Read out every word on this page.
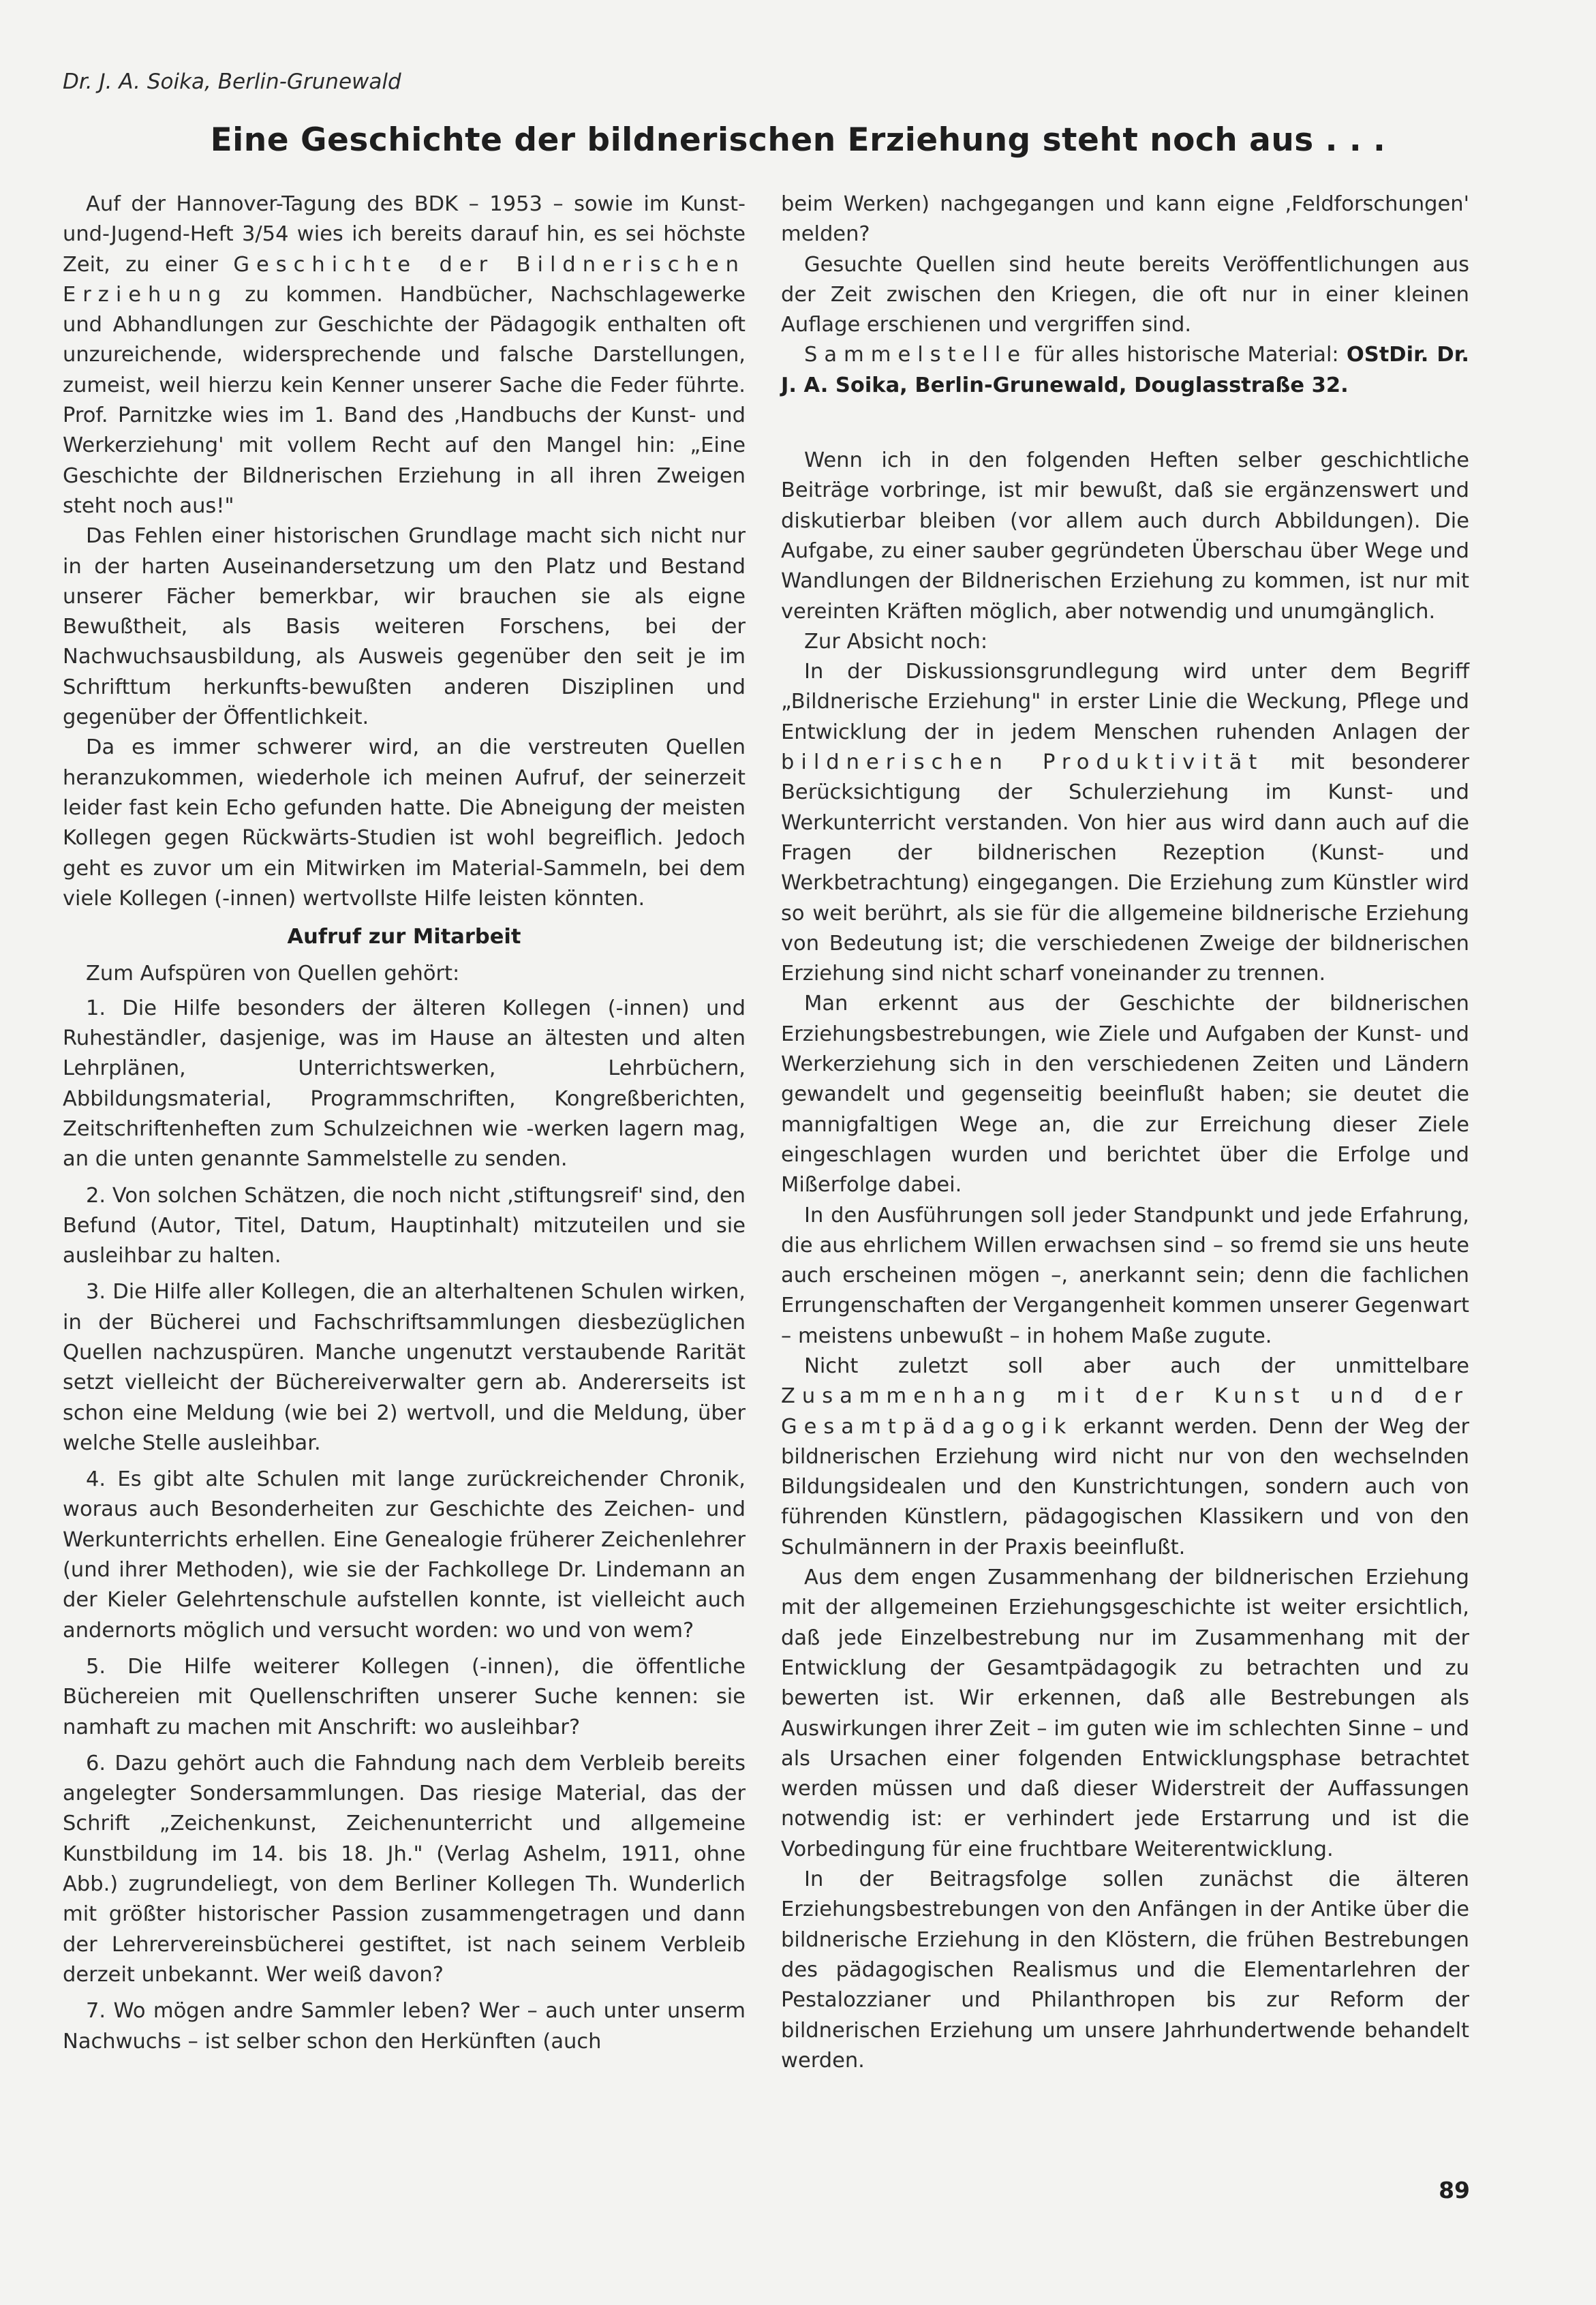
Dr. J. A. Soika, Berlin-Grunewald
Eine Geschichte der bildnerischen Erziehung steht noch aus . . .

Auf der Hannover-Tagung des BDK – 1953 – sowie im Kunst-und-Jugend-Heft 3/54 wies ich bereits darauf hin, es sei höchste Zeit, zu einer Geschichte der Bildnerischen Erziehung zu kommen. Handbücher, Nachschlagewerke und Abhandlungen zur Geschichte der Pädagogik enthalten oft unzureichende, widersprechende und falsche Darstellungen, zumeist, weil hierzu kein Kenner unserer Sache die Feder führte. Prof. Parnitzke wies im 1. Band des ‚Handbuchs der Kunst- und Werkerziehung' mit vollem Recht auf den Mangel hin: „Eine Geschichte der Bildnerischen Erziehung in all ihren Zweigen steht noch aus!"

Das Fehlen einer historischen Grundlage macht sich nicht nur in der harten Auseinandersetzung um den Platz und Bestand unserer Fächer bemerkbar, wir brauchen sie als eigne Bewußtheit, als Basis weiteren Forschens, bei der Nachwuchsausbildung, als Ausweis gegenüber den seit je im Schrifttum herkunfts-bewußten anderen Disziplinen und gegenüber der Öffentlichkeit.

Da es immer schwerer wird, an die verstreuten Quellen heranzukommen, wiederhole ich meinen Aufruf, der seinerzeit leider fast kein Echo gefunden hatte. Die Abneigung der meisten Kollegen gegen Rückwärts-Studien ist wohl begreiflich. Jedoch geht es zuvor um ein Mitwirken im Material-Sammeln, bei dem viele Kollegen (-innen) wertvollste Hilfe leisten könnten.

Aufruf zur Mitarbeit

Zum Aufspüren von Quellen gehört:

1. Die Hilfe besonders der älteren Kollegen (-innen) und Ruheständler, dasjenige, was im Hause an ältesten und alten Lehrplänen, Unterrichtswerken, Lehrbüchern, Abbildungsmaterial, Programmschriften, Kongreßberichten, Zeitschriftenheften zum Schulzeichnen wie -werken lagern mag, an die unten genannte Sammelstelle zu senden.

2. Von solchen Schätzen, die noch nicht ‚stiftungsreif' sind, den Befund (Autor, Titel, Datum, Hauptinhalt) mitzuteilen und sie ausleihbar zu halten.

3. Die Hilfe aller Kollegen, die an alterhaltenen Schulen wirken, in der Bücherei und Fachschriftsammlungen diesbezüglichen Quellen nachzuspüren. Manche ungenutzt verstaubende Rarität setzt vielleicht der Büchereiverwalter gern ab. Andererseits ist schon eine Meldung (wie bei 2) wertvoll, und die Meldung, über welche Stelle ausleihbar.

4. Es gibt alte Schulen mit lange zurückreichender Chronik, woraus auch Besonderheiten zur Geschichte des Zeichen- und Werkunterrichts erhellen. Eine Genealogie früherer Zeichenlehrer (und ihrer Methoden), wie sie der Fachkollege Dr. Lindemann an der Kieler Gelehrtenschule aufstellen konnte, ist vielleicht auch andernorts möglich und versucht worden: wo und von wem?

5. Die Hilfe weiterer Kollegen (-innen), die öffentliche Büchereien mit Quellenschriften unserer Suche kennen: sie namhaft zu machen mit Anschrift: wo ausleihbar?

6. Dazu gehört auch die Fahndung nach dem Verbleib bereits angelegter Sondersammlungen. Das riesige Material, das der Schrift „Zeichenkunst, Zeichenunterricht und allgemeine Kunstbildung im 14. bis 18. Jh." (Verlag Ashelm, 1911, ohne Abb.) zugrundeliegt, von dem Berliner Kollegen Th. Wunderlich mit größter historischer Passion zusammengetragen und dann der Lehrervereinsbücherei gestiftet, ist nach seinem Verbleib derzeit unbekannt. Wer weiß davon?

7. Wo mögen andre Sammler leben? Wer – auch unter unserm Nachwuchs – ist selber schon den Herkünften (auch

beim Werken) nachgegangen und kann eigne ‚Feldforschungen' melden?

Gesuchte Quellen sind heute bereits Veröffentlichungen aus der Zeit zwischen den Kriegen, die oft nur in einer kleinen Auflage erschienen und vergriffen sind.

Sammelstelle für alles historische Material: OStDir. Dr. J. A. Soika, Berlin-Grunewald, Douglasstraße 32.

Wenn ich in den folgenden Heften selber geschichtliche Beiträge vorbringe, ist mir bewußt, daß sie ergänzenswert und diskutierbar bleiben (vor allem auch durch Abbildungen). Die Aufgabe, zu einer sauber gegründeten Überschau über Wege und Wandlungen der Bildnerischen Erziehung zu kommen, ist nur mit vereinten Kräften möglich, aber notwendig und unumgänglich.

Zur Absicht noch:

In der Diskussionsgrundlegung wird unter dem Begriff „Bildnerische Erziehung" in erster Linie die Weckung, Pflege und Entwicklung der in jedem Menschen ruhenden Anlagen der bildnerischen Produktivität mit besonderer Berücksichtigung der Schulerziehung im Kunst- und Werkunterricht verstanden. Von hier aus wird dann auch auf die Fragen der bildnerischen Rezeption (Kunst- und Werkbetrachtung) eingegangen. Die Erziehung zum Künstler wird so weit berührt, als sie für die allgemeine bildnerische Erziehung von Bedeutung ist; die verschiedenen Zweige der bildnerischen Erziehung sind nicht scharf voneinander zu trennen.

Man erkennt aus der Geschichte der bildnerischen Erziehungsbestrebungen, wie Ziele und Aufgaben der Kunst- und Werkerziehung sich in den verschiedenen Zeiten und Ländern gewandelt und gegenseitig beeinflußt haben; sie deutet die mannigfaltigen Wege an, die zur Erreichung dieser Ziele eingeschlagen wurden und berichtet über die Erfolge und Mißerfolge dabei.

In den Ausführungen soll jeder Standpunkt und jede Erfahrung, die aus ehrlichem Willen erwachsen sind – so fremd sie uns heute auch erscheinen mögen –, anerkannt sein; denn die fachlichen Errungenschaften der Vergangenheit kommen unserer Gegenwart – meistens unbewußt – in hohem Maße zugute.

Nicht zuletzt soll aber auch der unmittelbare Zusammenhang mit der Kunst und der Gesamtpädagogik erkannt werden. Denn der Weg der bildnerischen Erziehung wird nicht nur von den wechselnden Bildungsidealen und den Kunstrichtungen, sondern auch von führenden Künstlern, pädagogischen Klassikern und von den Schulmännern in der Praxis beeinflußt.

Aus dem engen Zusammenhang der bildnerischen Erziehung mit der allgemeinen Erziehungsgeschichte ist weiter ersichtlich, daß jede Einzelbestrebung nur im Zusammenhang mit der Entwicklung der Gesamtpädagogik zu betrachten und zu bewerten ist. Wir erkennen, daß alle Bestrebungen als Auswirkungen ihrer Zeit – im guten wie im schlechten Sinne – und als Ursachen einer folgenden Entwicklungsphase betrachtet werden müssen und daß dieser Widerstreit der Auffassungen notwendig ist: er verhindert jede Erstarrung und ist die Vorbedingung für eine fruchtbare Weiterentwicklung.

In der Beitragsfolge sollen zunächst die älteren Erziehungsbestrebungen von den Anfängen in der Antike über die bildnerische Erziehung in den Klöstern, die frühen Bestrebungen des pädagogischen Realismus und die Elementarlehren der Pestalozzianer und Philanthropen bis zur Reform der bildnerischen Erziehung um unsere Jahrhundertwende behandelt werden.

89
